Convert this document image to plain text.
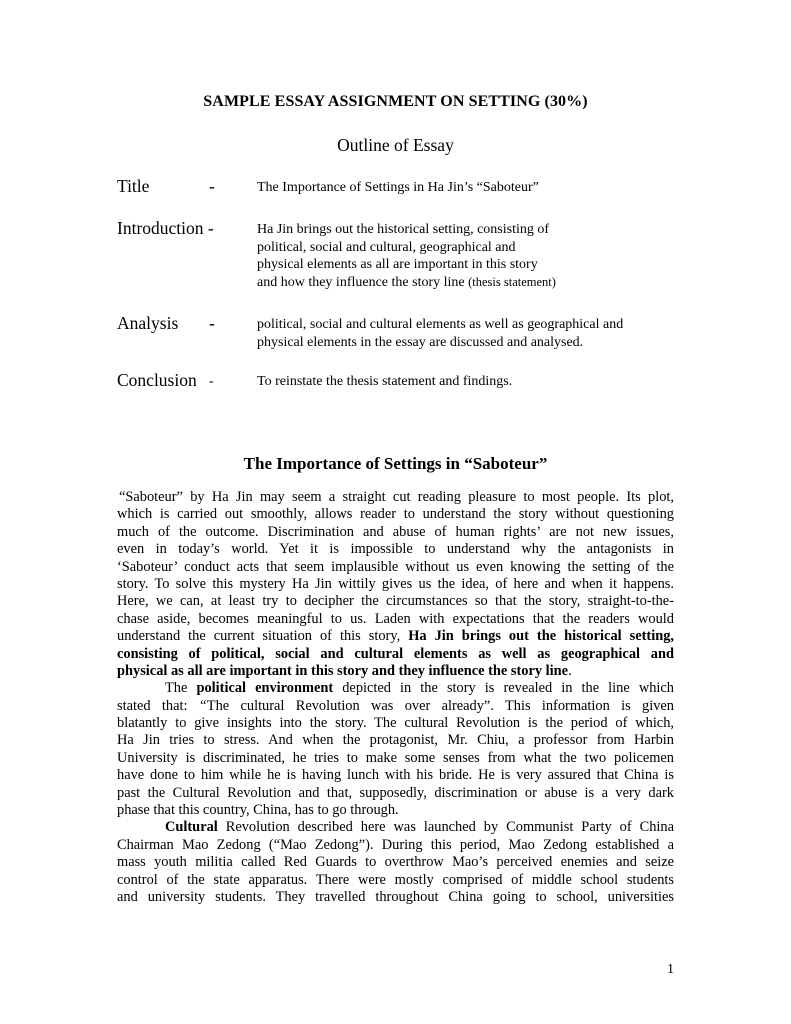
SAMPLE ESSAY ASSIGNMENT ON SETTING (30%)
Outline of Essay
Title	-	The Importance of Settings in Ha Jin’s “Saboteur”
Introduction -	Ha Jin brings out the historical setting, consisting of
political, social and cultural, geographical and
physical elements as all are important in this story
and how they influence the story line (thesis statement)
Analysis -	political, social and cultural elements as well as geographical and
physical elements in the essay are discussed and analysed.
Conclusion -	To reinstate the thesis statement and findings.
The Importance of Settings in “Saboteur”
“Saboteur” by Ha Jin may seem a straight cut reading pleasure to most people. Its plot,
which is carried out smoothly, allows reader to understand the story without questioning
much of the outcome. Discrimination and abuse of human rights’ are not new issues,
even in today’s world. Yet it is impossible to understand why the antagonists in
‘Saboteur’ conduct acts that seem implausible without us even knowing the setting of the
story. To solve this mystery Ha Jin wittily gives us the idea, of here and when it happens.
Here, we can, at least try to decipher the circumstances so that the story, straight-to-the-
chase aside, becomes meaningful to us. Laden with expectations that the readers would
understand the current situation of this story, Ha Jin brings out the historical setting,
consisting of political, social and cultural elements as well as geographical and
physical as all are important in this story and they influence the story line.
The political environment depicted in the story is revealed in the line which
stated that: “The cultural Revolution was over already”. This information is given
blatantly to give insights into the story. The cultural Revolution is the period of which,
Ha Jin tries to stress. And when the protagonist, Mr. Chiu, a professor from Harbin
University is discriminated, he tries to make some senses from what the two policemen
have done to him while he is having lunch with his bride. He is very assured that China is
past the Cultural Revolution and that, supposedly, discrimination or abuse is a very dark
phase that this country, China, has to go through.
Cultural Revolution described here was launched by Communist Party of China
Chairman Mao Zedong (“Mao Zedong”). During this period, Mao Zedong established a
mass youth militia called Red Guards to overthrow Mao’s perceived enemies and seize
control of the state apparatus. There were mostly comprised of middle school students
and university students. They travelled throughout China going to school, universities
1
